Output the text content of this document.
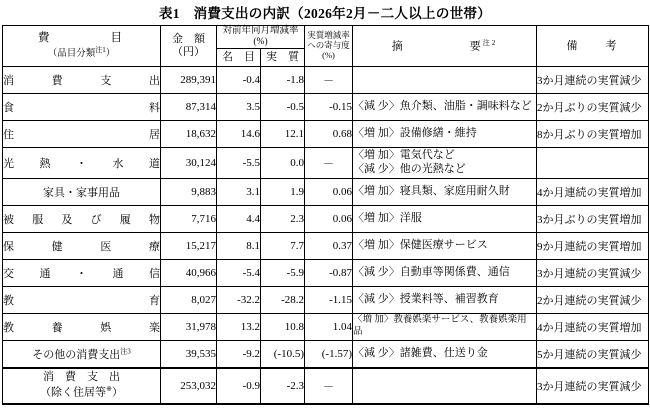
表1　消費支出の内訳（2026年2月－二人以上の世帯）
費　　　　目
（品目分類$^{注1}$）

金　額
（円）
	対前年同月増減率(%)	実質増減率への寄与度 (%)	摘　　　　　要$^{注2}$	備　　考
		名　目	実　質			

消　費　支　出	289,391	-0.4	-1.8	－		3か月連続の実質減少

食　　　　　料	87,314	3.5	-0.5	-0.15	〈減 少〉魚介類、油脂・調味料など	2か月ぶりの実質減少

住　　　　　居	18,632	14.6	12.1	0.68	〈増 加〉設備修繕・維持	8か月ぶりの実質増加

光 熱 ・ 水 道	30,124	-5.5	0.0	－	〈増 加〉電気代など
〈減 少〉他の光熱など	

家具・家事用品	9,883	3.1	1.9	0.06	〈増 加〉寝具類、家庭用耐久財	4か月連続の実質増加

被 服 及 び 履 物	7,716	4.4	2.3	0.06	〈増 加〉洋服	3か月ぶりの実質増加

保　健　医　療	15,217	8.1	7.7	0.37	〈増 加〉保健医療サービス	9か月連続の実質増加

交 通 ・ 通 信	40,966	-5.4	-5.9	-0.87	〈減 少〉自動車等関係費、通信	3か月連続の実質減少

教　　　　　育	8,027	-32.2	-28.2	-1.15	〈減 少〉授業料等、補習教育	2か月連続の実質減少

教　養　娯　楽	31,978	13.2	10.8	1.04	〈増 加〉教養娯楽サービス、教養娯楽用品	4か月連続の実質増加
その他の消費支出$^{注3}$	39,535	-9.2	(-10.5)	(-1.57)	〈減 少〉諸雑費、仕送り金	5か月連続の実質減少

消　費　支　出
（除く住居等※）	253,032	-0.9	-2.3	－		3か月連続の実質減少
